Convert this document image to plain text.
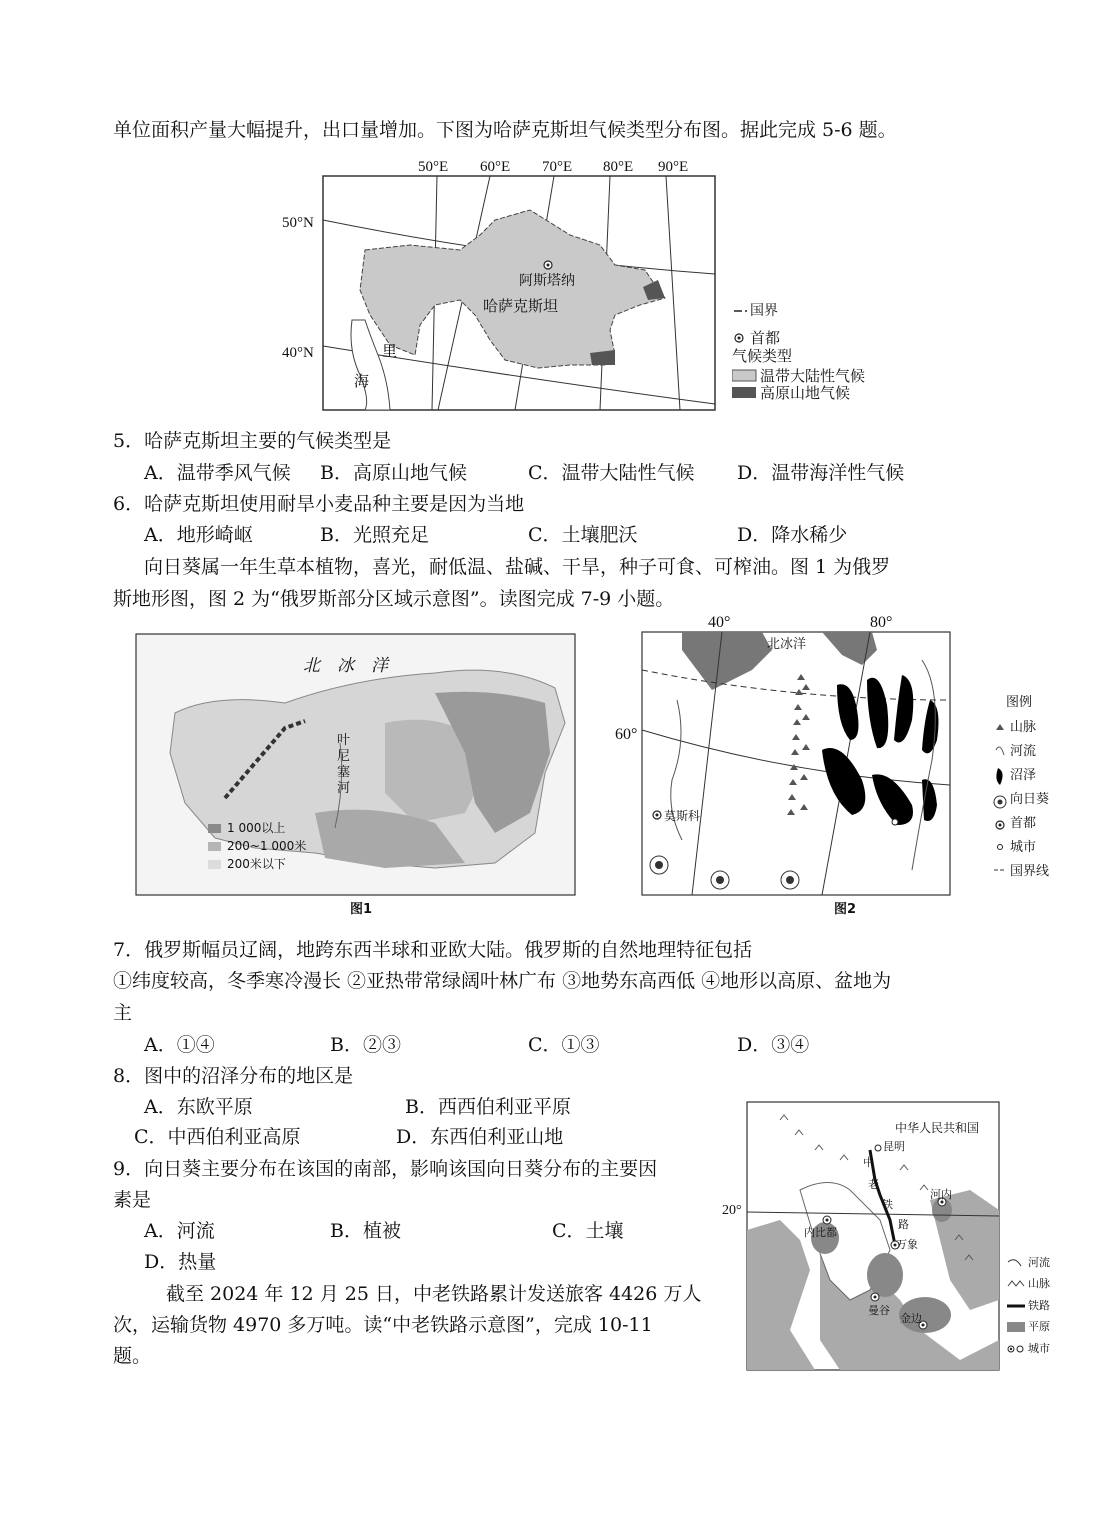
单位面积产量大幅提升，出口量增加。下图为哈萨克斯坦气候类型分布图。据此完成 5-6 题。
50°E 60°E 70°E 80°E 90°E
50°N
40°N
阿斯塔纳
哈萨克斯坦
里
海
国界
首都
气候类型
温带大陆性气候
高原山地气候
5．哈萨克斯坦主要的气候类型是
A．温带季风气候 B．高原山地气候	C．温带大陆性气候 D．温带海洋性气候
6．哈萨克斯坦使用耐旱小麦品种主要是因为当地
A．地形崎岖	B．光照充足	C．土壤肥沃	D．降水稀少
向日葵属一年生草本植物，喜光，耐低温、盐碱、干旱，种子可食、可榨油。图 1 为俄罗
斯地形图，图 2 为“俄罗斯部分区域示意图”。读图完成 7-9 小题。
北　冰　洋
叶
尼
塞
河
1 000以上
200~1 000米
200米以下
图1
40°	80°
60°
北冰洋
莫斯科
图例
山脉
河流
沼泽
向日葵
首都
城市
国界线
图2
7．俄罗斯幅员辽阔，地跨东西半球和亚欧大陆。俄罗斯的自然地理特征包括
①纬度较高，冬季寒冷漫长 ②亚热带常绿阔叶林广布 ③地势东高西低 ④地形以高原、盆地为
主
A．①④	B．②③	C．①③	D．③④
8．图中的沼泽分布的地区是
A．东欧平原	B．西西伯利亚平原
C．中西伯利亚高原	D．东西伯利亚山地
9．向日葵主要分布在该国的南部，影响该国向日葵分布的主要因
素是
A．河流	B．植被	C．土壤
D．热量
截至 2024 年 12 月 25 日，中老铁路累计发送旅客 4426 万人
次，运输货物 4970 多万吨。读“中老铁路示意图”，完成 10-11
题。
中华人民共和国
昆明
中
老
铁
路
河内
内比都
万象
曼谷
金边
20°
河流
山脉
铁路
平原
城市
